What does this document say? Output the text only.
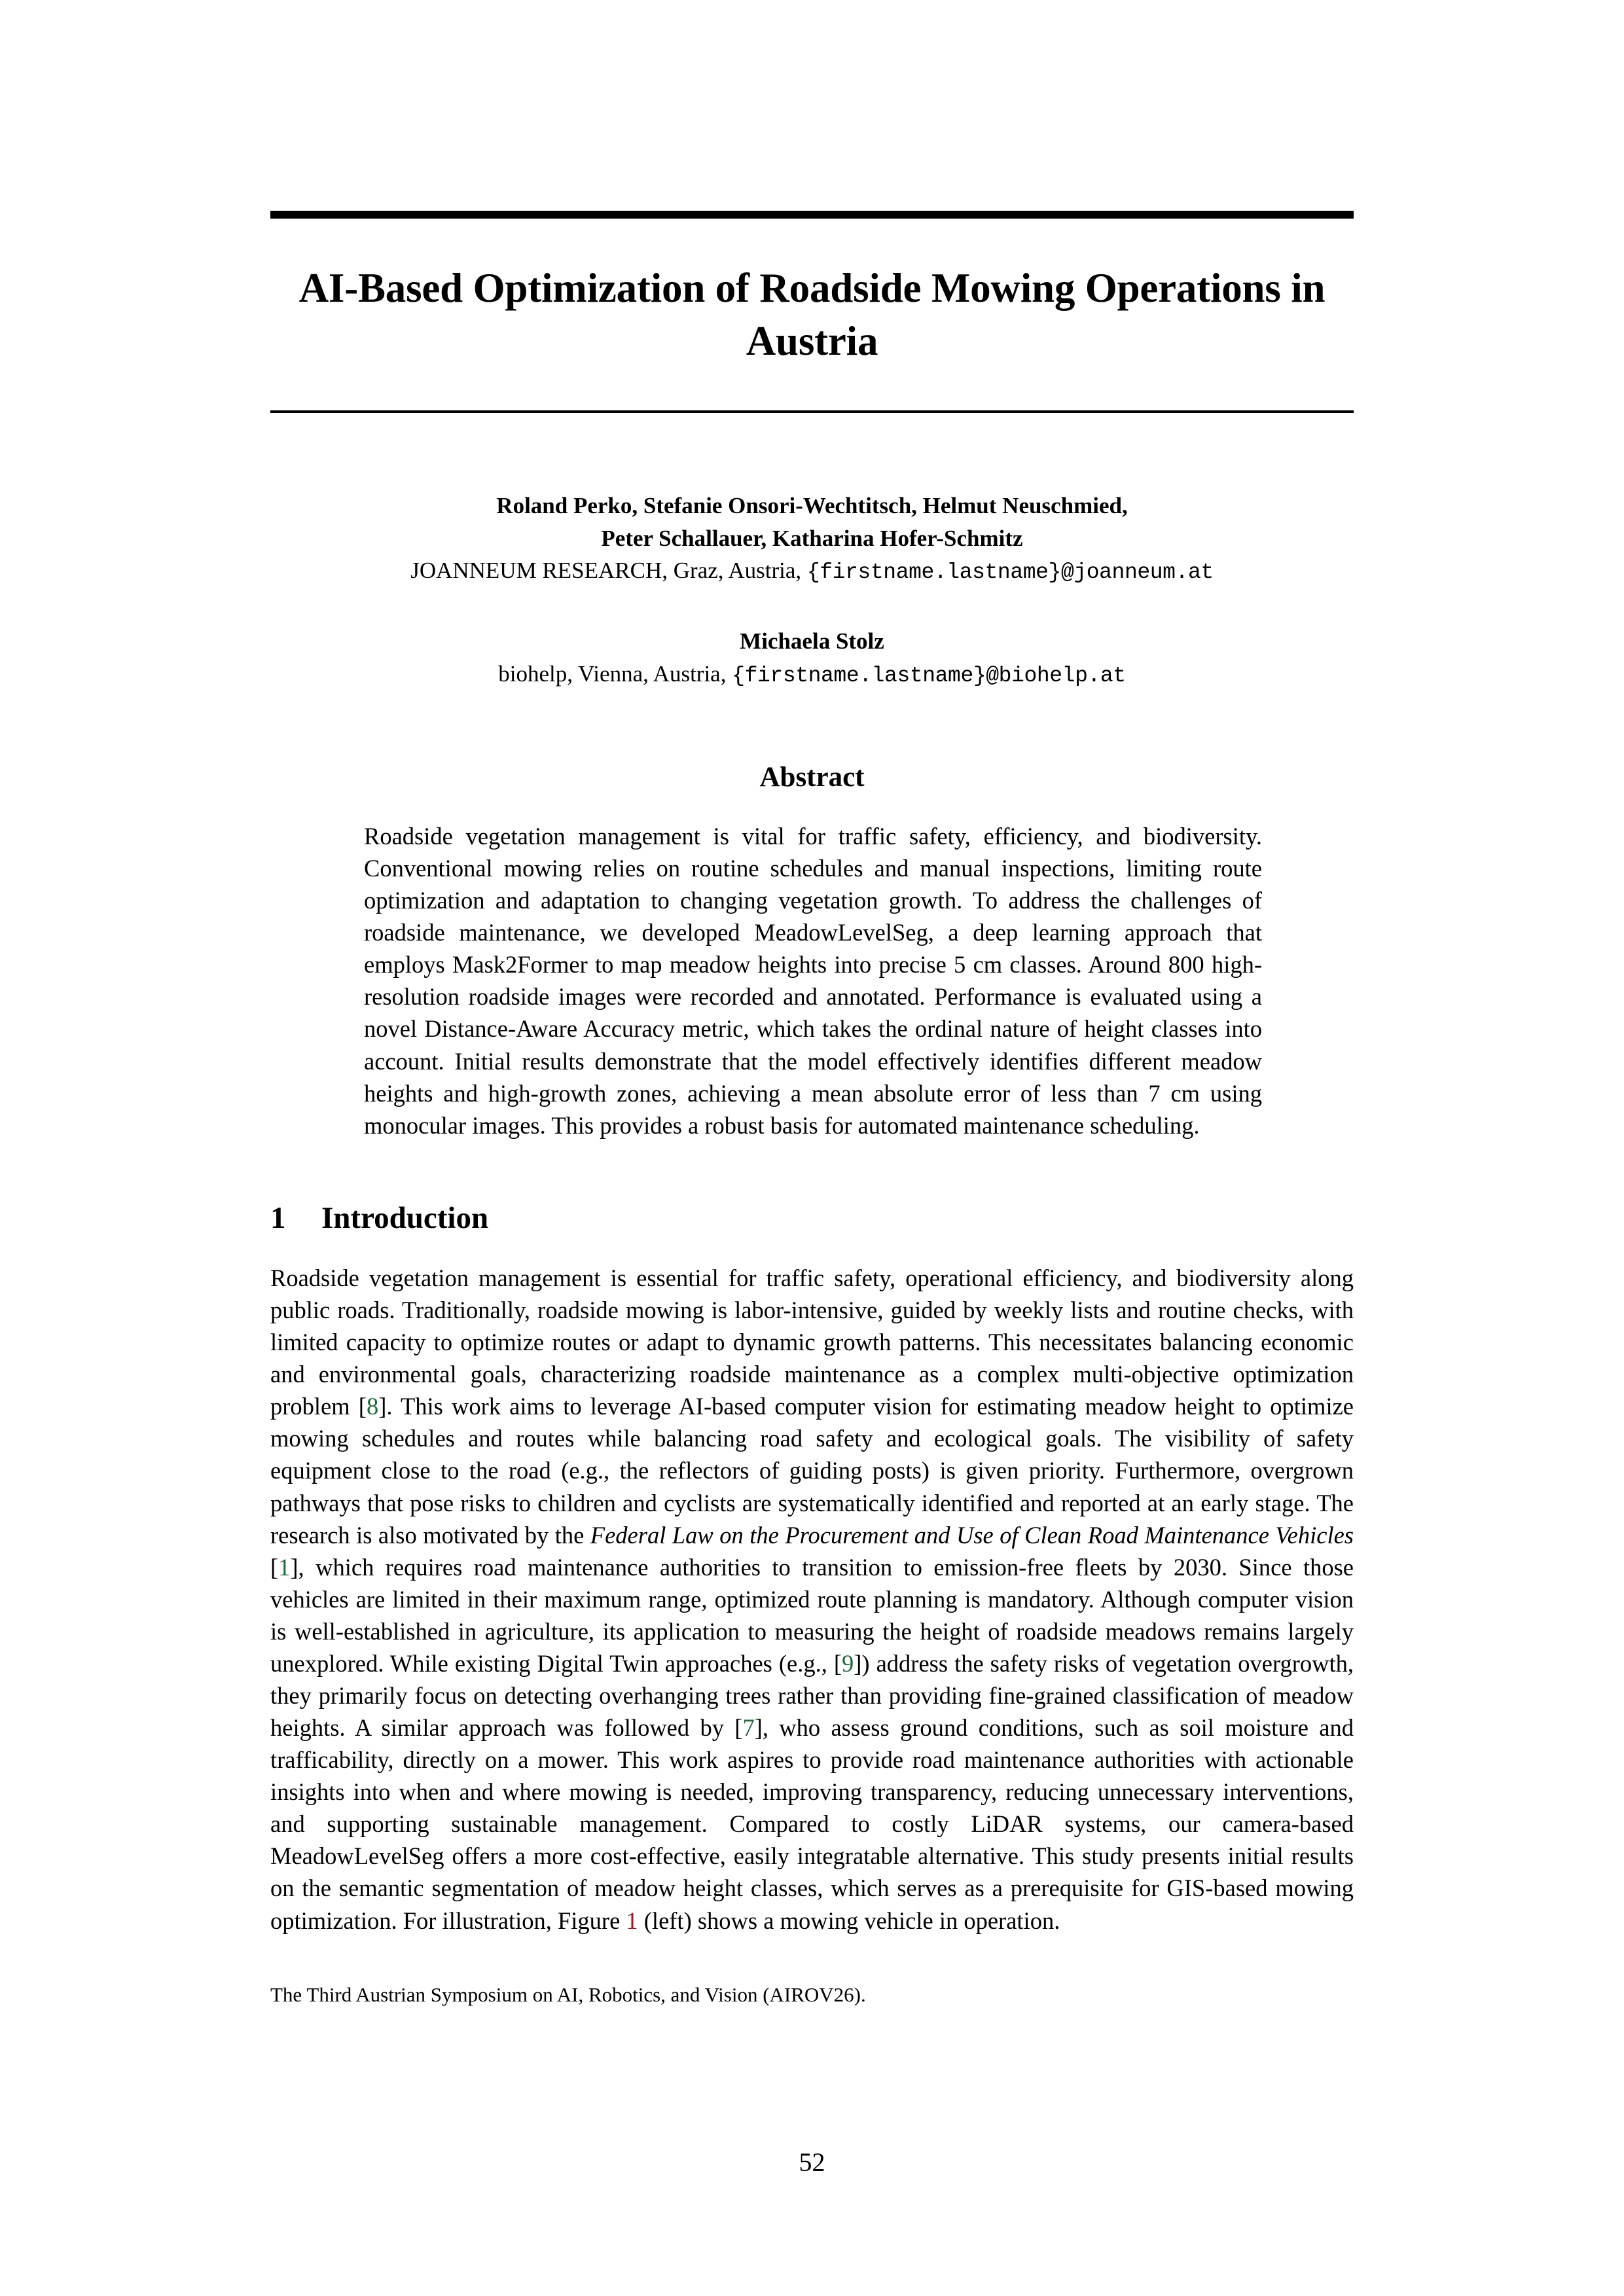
AI-Based Optimization of Roadside Mowing Operations in Austria
Roland Perko, Stefanie Onsori-Wechtitsch, Helmut Neuschmied,
Peter Schallauer, Katharina Hofer-Schmitz
JOANNEUM RESEARCH, Graz, Austria, {firstname.lastname}@joanneum.at
Michaela Stolz
biohelp, Vienna, Austria, {firstname.lastname}@biohelp.at
Abstract
Roadside vegetation management is vital for traffic safety, efficiency, and biodiversity. Conventional mowing relies on routine schedules and manual inspections, limiting route optimization and adaptation to changing vegetation growth. To address the challenges of roadside maintenance, we developed MeadowLevelSeg, a deep learning approach that employs Mask2Former to map meadow heights into precise 5 cm classes. Around 800 high-resolution roadside images were recorded and annotated. Performance is evaluated using a novel Distance-Aware Accuracy metric, which takes the ordinal nature of height classes into account. Initial results demonstrate that the model effectively identifies different meadow heights and high-growth zones, achieving a mean absolute error of less than 7 cm using monocular images. This provides a robust basis for automated maintenance scheduling.
1 Introduction
Roadside vegetation management is essential for traffic safety, operational efficiency, and biodiversity along public roads. Traditionally, roadside mowing is labor-intensive, guided by weekly lists and routine checks, with limited capacity to optimize routes or adapt to dynamic growth patterns. This necessitates balancing economic and environmental goals, characterizing roadside maintenance as a complex multi-objective optimization problem [8]. This work aims to leverage AI-based computer vision for estimating meadow height to optimize mowing schedules and routes while balancing road safety and ecological goals. The visibility of safety equipment close to the road (e.g., the reflectors of guiding posts) is given priority. Furthermore, overgrown pathways that pose risks to children and cyclists are systematically identified and reported at an early stage. The research is also motivated by the Federal Law on the Procurement and Use of Clean Road Maintenance Vehicles [1], which requires road maintenance authorities to transition to emission-free fleets by 2030. Since those vehicles are limited in their maximum range, optimized route planning is mandatory. Although computer vision is well-established in agriculture, its application to measuring the height of roadside meadows remains largely unexplored. While existing Digital Twin approaches (e.g., [9]) address the safety risks of vegetation overgrowth, they primarily focus on detecting overhanging trees rather than providing fine-grained classification of meadow heights. A similar approach was followed by [7], who assess ground conditions, such as soil moisture and trafficability, directly on a mower. This work aspires to provide road maintenance authorities with actionable insights into when and where mowing is needed, improving transparency, reducing unnecessary interventions, and supporting sustainable management. Compared to costly LiDAR systems, our camera-based MeadowLevelSeg offers a more cost-effective, easily integratable alternative. This study presents initial results on the semantic segmentation of meadow height classes, which serves as a prerequisite for GIS-based mowing optimization. For illustration, Figure 1 (left) shows a mowing vehicle in operation.
The Third Austrian Symposium on AI, Robotics, and Vision (AIROV26).
52
